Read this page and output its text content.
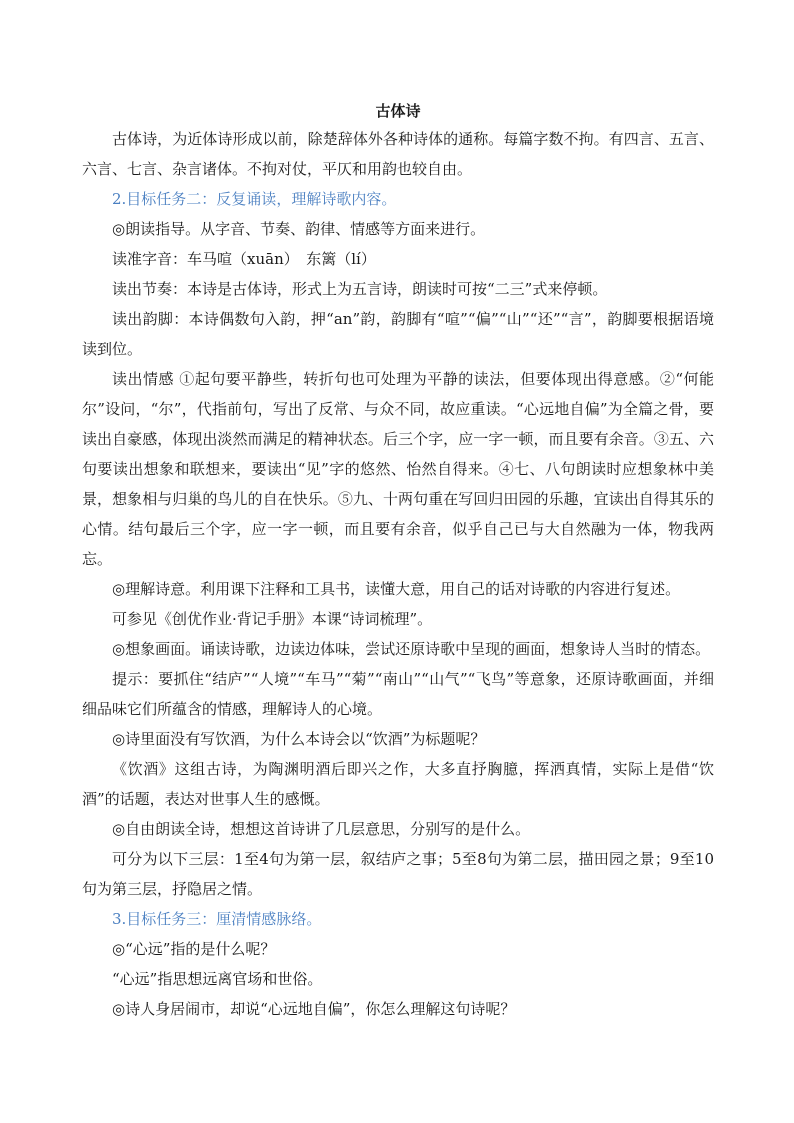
古体诗

古体诗，为近体诗形成以前，除楚辞体外各种诗体的通称。每篇字数不拘。有四言、五言、六言、七言、杂言诸体。不拘对仗，平仄和用韵也较自由。

2.目标任务二：反复诵读，理解诗歌内容。

◎朗读指导。从字音、节奏、韵律、情感等方面来进行。

读准字音：车马喧（xuān）　东篱（lí）

读出节奏：本诗是古体诗，形式上为五言诗，朗读时可按“二三”式来停顿。

读出韵脚：本诗偶数句入韵，押“an”韵，韵脚有“喧”“偏”“山”“还”“言”，韵脚要根据语境读到位。

读出情感 ①起句要平静些，转折句也可处理为平静的读法，但要体现出得意感。②“何能尔”设问，“尔”，代指前句，写出了反常、与众不同，故应重读。“心远地自偏”为全篇之骨，要读出自豪感，体现出淡然而满足的精神状态。后三个字，应一字一顿，而且要有余音。③五、六句要读出想象和联想来，要读出“见”字的悠然、怡然自得来。④七、八句朗读时应想象林中美景，想象相与归巢的鸟儿的自在快乐。⑤九、十两句重在写回归田园的乐趣，宜读出自得其乐的心情。结句最后三个字，应一字一顿，而且要有余音，似乎自己已与大自然融为一体，物我两忘。

◎理解诗意。利用课下注释和工具书，读懂大意，用自己的话对诗歌的内容进行复述。

可参见《创优作业·背记手册》本课“诗词梳理”。

◎想象画面。诵读诗歌，边读边体味，尝试还原诗歌中呈现的画面，想象诗人当时的情态。

提示：要抓住“结庐”“人境”“车马”“菊”“南山”“山气”“飞鸟”等意象，还原诗歌画面，并细细品味它们所蕴含的情感，理解诗人的心境。

◎诗里面没有写饮酒，为什么本诗会以“饮酒”为标题呢？

《饮酒》这组古诗，为陶渊明酒后即兴之作，大多直抒胸臆，挥洒真情，实际上是借“饮酒”的话题，表达对世事人生的感慨。

◎自由朗读全诗，想想这首诗讲了几层意思，分别写的是什么。

可分为以下三层：1至4句为第一层，叙结庐之事；5至8句为第二层，描田园之景；9至10句为第三层，抒隐居之情。

3.目标任务三：厘清情感脉络。

◎“心远”指的是什么呢？

“心远”指思想远离官场和世俗。

◎诗人身居闹市，却说“心远地自偏”，你怎么理解这句诗呢？
